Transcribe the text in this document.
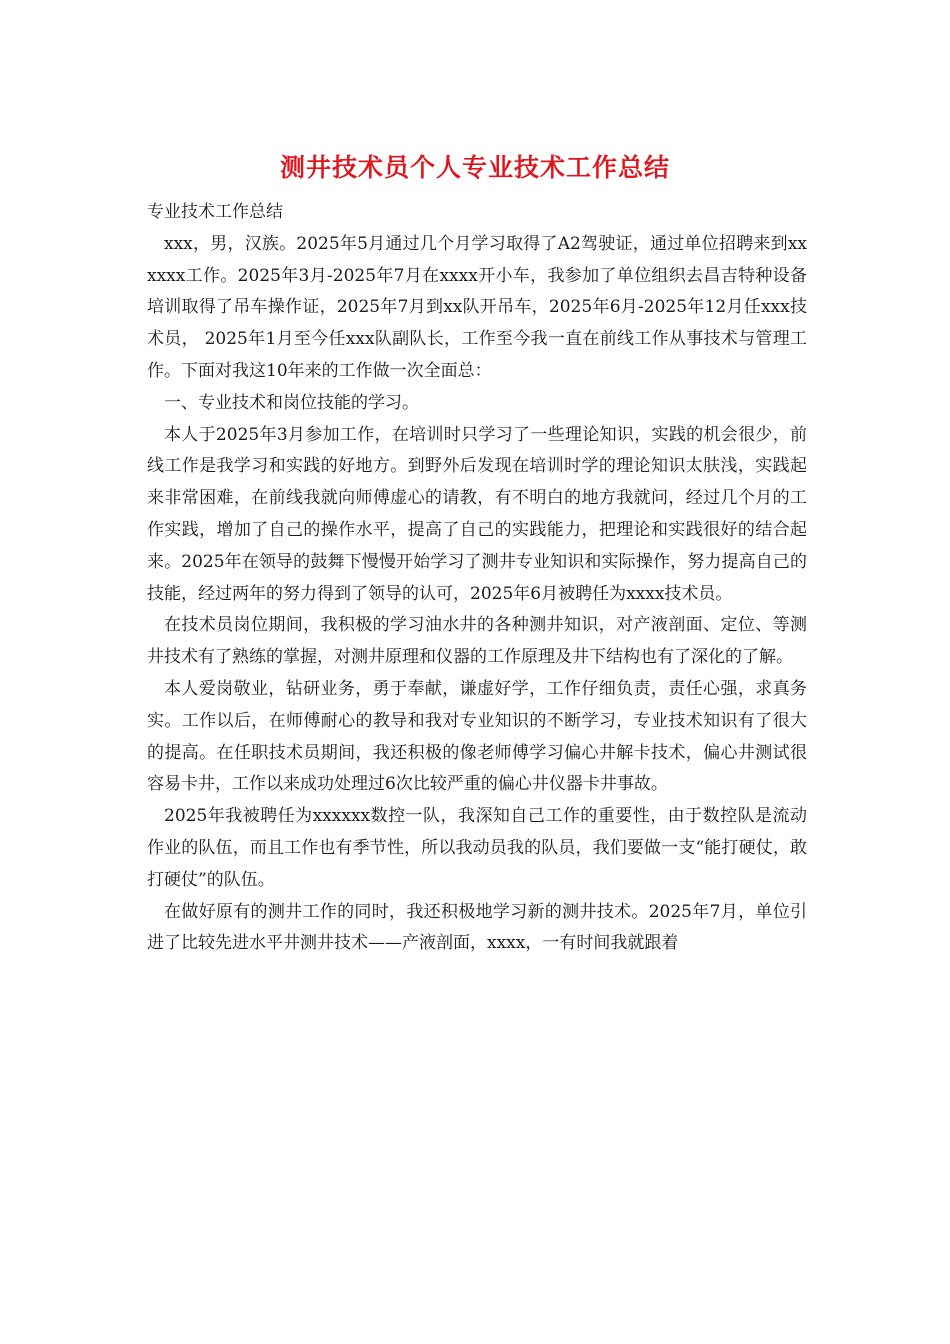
测井技术员个人专业技术工作总结

专业技术工作总结

xxx，男，汉族。2025年5月通过几个月学习取得了A2驾驶证，通过单位招聘来到xxxxxx工作。2025年3月-2025年7月在xxxx开小车，我参加了单位组织去昌吉特种设备培训取得了吊车操作证，2025年7月到xx队开吊车，2025年6月-2025年12月任xxx技术员， 2025年1月至今任xxx队副队长，工作至今我一直在前线工作从事技术与管理工作。下面对我这10年来的工作做一次全面总：

一、专业技术和岗位技能的学习。

本人于2025年3月参加工作，在培训时只学习了一些理论知识，实践的机会很少，前线工作是我学习和实践的好地方。到野外后发现在培训时学的理论知识太肤浅，实践起来非常困难，在前线我就向师傅虚心的请教，有不明白的地方我就问，经过几个月的工作实践，增加了自己的操作水平，提高了自己的实践能力，把理论和实践很好的结合起来。2025年在领导的鼓舞下慢慢开始学习了测井专业知识和实际操作，努力提高自己的技能，经过两年的努力得到了领导的认可，2025年6月被聘任为xxxx技术员。

在技术员岗位期间，我积极的学习油水井的各种测井知识，对产液剖面、定位、等测井技术有了熟练的掌握，对测井原理和仪器的工作原理及井下结构也有了深化的了解。

本人爱岗敬业，钻研业务，勇于奉献，谦虚好学，工作仔细负责，责任心强，求真务实。工作以后，在师傅耐心的教导和我对专业知识的不断学习，专业技术知识有了很大的提高。在任职技术员期间，我还积极的像老师傅学习偏心井解卡技术，偏心井测试很容易卡井，工作以来成功处理过6次比较严重的偏心井仪器卡井事故。

2025年我被聘任为xxxxxx数控一队，我深知自己工作的重要性，由于数控队是流动作业的队伍，而且工作也有季节性，所以我动员我的队员，我们要做一支“能打硬仗，敢打硬仗”的队伍。

在做好原有的测井工作的同时，我还积极地学习新的测井技术。2025年7月，单位引进了比较先进水平井测井技术——产液剖面，xxxx，一有时间我就跟着
